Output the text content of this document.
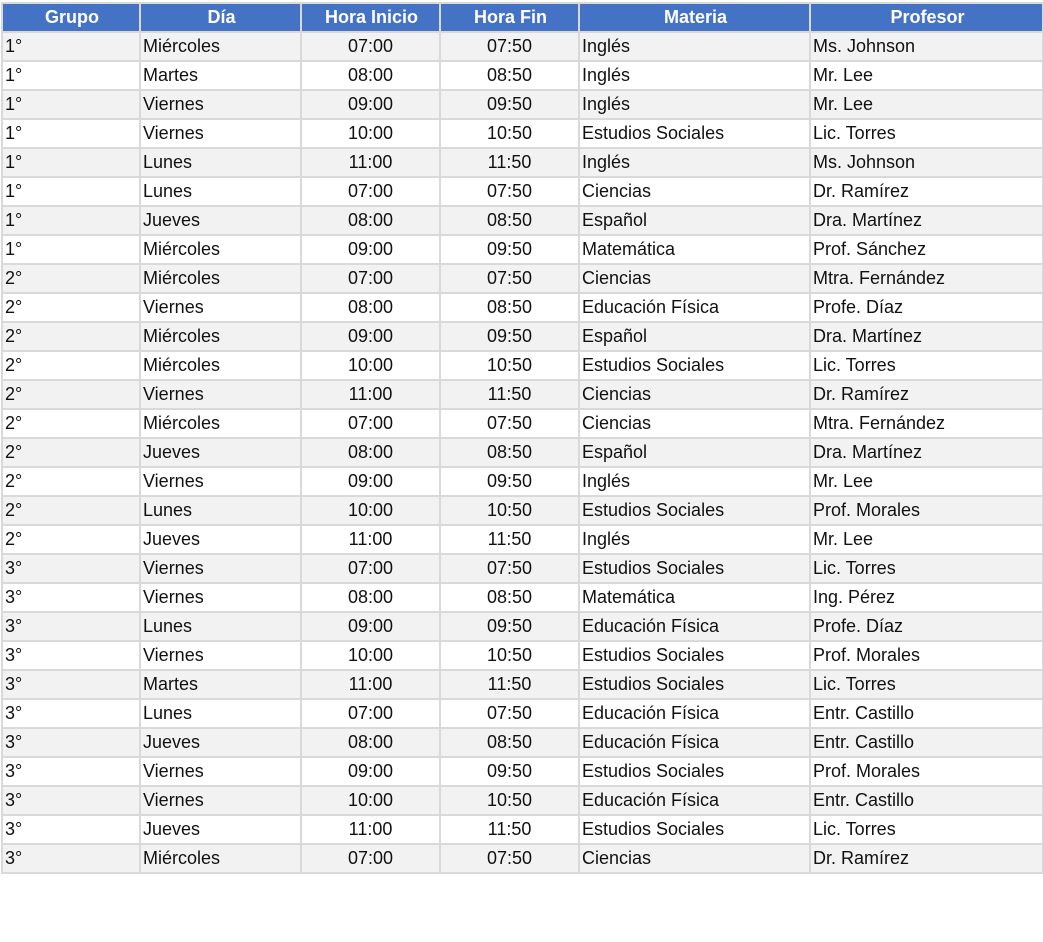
Grupo	Día	Hora Inicio	Hora Fin	Materia	Profesor
1°	Miércoles	07:00	07:50	Inglés	Ms. Johnson
1°	Martes	08:00	08:50	Inglés	Mr. Lee
1°	Viernes	09:00	09:50	Inglés	Mr. Lee
1°	Viernes	10:00	10:50	Estudios Sociales	Lic. Torres
1°	Lunes	11:00	11:50	Inglés	Ms. Johnson
1°	Lunes	07:00	07:50	Ciencias	Dr. Ramírez
1°	Jueves	08:00	08:50	Español	Dra. Martínez
1°	Miércoles	09:00	09:50	Matemática	Prof. Sánchez
2°	Miércoles	07:00	07:50	Ciencias	Mtra. Fernández
2°	Viernes	08:00	08:50	Educación Física	Profe. Díaz
2°	Miércoles	09:00	09:50	Español	Dra. Martínez
2°	Miércoles	10:00	10:50	Estudios Sociales	Lic. Torres
2°	Viernes	11:00	11:50	Ciencias	Dr. Ramírez
2°	Miércoles	07:00	07:50	Ciencias	Mtra. Fernández
2°	Jueves	08:00	08:50	Español	Dra. Martínez
2°	Viernes	09:00	09:50	Inglés	Mr. Lee
2°	Lunes	10:00	10:50	Estudios Sociales	Prof. Morales
2°	Jueves	11:00	11:50	Inglés	Mr. Lee
3°	Viernes	07:00	07:50	Estudios Sociales	Lic. Torres
3°	Viernes	08:00	08:50	Matemática	Ing. Pérez
3°	Lunes	09:00	09:50	Educación Física	Profe. Díaz
3°	Viernes	10:00	10:50	Estudios Sociales	Prof. Morales
3°	Martes	11:00	11:50	Estudios Sociales	Lic. Torres
3°	Lunes	07:00	07:50	Educación Física	Entr. Castillo
3°	Jueves	08:00	08:50	Educación Física	Entr. Castillo
3°	Viernes	09:00	09:50	Estudios Sociales	Prof. Morales
3°	Viernes	10:00	10:50	Educación Física	Entr. Castillo
3°	Jueves	11:00	11:50	Estudios Sociales	Lic. Torres
3°	Miércoles	07:00	07:50	Ciencias	Dr. Ramírez
